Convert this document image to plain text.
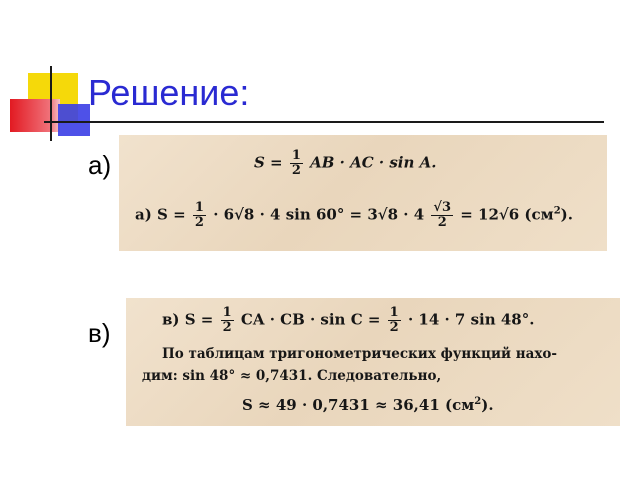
Решение:
а)
в)
$S = \frac{1}{2}$ AB · AC · sin A.
а) $S = \frac{1}{2} \cdot 6√8 \cdot 4$ $\sin 60^\circ = 3√8 \cdot 4 \frac{√3}{2} = 12√6$ $(см^2)$.
в) $S = \frac{1}{2}$ CA · CB · $\sin C = \frac{1}{2} \cdot 14 \cdot 7$ sin 48°.
По таблицам тригонометрических функций нахо-
дим: sin 48° ≈ 0,7431. Следовательно,
S ≈ 49 · 0,7431 ≈ 36,41 $(см^2)$.
